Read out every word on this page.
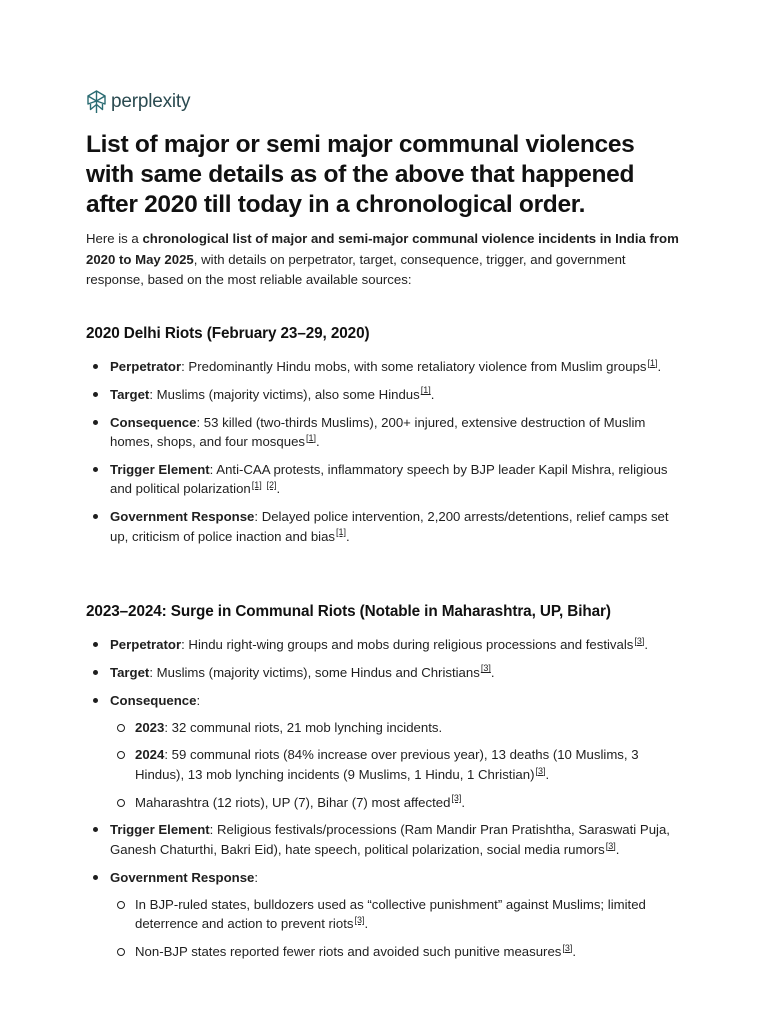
perplexity
List of major or semi major communal violences with same details as of the above that happened after 2020 till today in a chronological order.

Here is a chronological list of major and semi-major communal violence incidents in India from 2020 to May 2025, with details on perpetrator, target, consequence, trigger, and government response, based on the most reliable available sources:

2020 Delhi Riots (February 23–29, 2020)
Perpetrator: Predominantly Hindu mobs, with some retaliatory violence from Muslim groups[1].
Target: Muslims (majority victims), also some Hindus[1].
Consequence: 53 killed (two-thirds Muslims), 200+ injured, extensive destruction of Muslim homes, shops, and four mosques[1].
Trigger Element: Anti-CAA protests, inflammatory speech by BJP leader Kapil Mishra, religious and political polarization[1] [2].
Government Response: Delayed police intervention, 2,200 arrests/detentions, relief camps set up, criticism of police inaction and bias[1].
2023–2024: Surge in Communal Riots (Notable in Maharashtra, UP, Bihar)
Perpetrator: Hindu right-wing groups and mobs during religious processions and festivals[3].
Target: Muslims (majority victims), some Hindus and Christians[3].
Consequence:
2023: 32 communal riots, 21 mob lynching incidents.
2024: 59 communal riots (84% increase over previous year), 13 deaths (10 Muslims, 3 Hindus), 13 mob lynching incidents (9 Muslims, 1 Hindu, 1 Christian)[3].
Maharashtra (12 riots), UP (7), Bihar (7) most affected[3].
Trigger Element: Religious festivals/processions (Ram Mandir Pran Pratishtha, Saraswati Puja, Ganesh Chaturthi, Bakri Eid), hate speech, political polarization, social media rumors[3].
Government Response:
In BJP-ruled states, bulldozers used as “collective punishment” against Muslims; limited deterrence and action to prevent riots[3].
Non-BJP states reported fewer riots and avoided such punitive measures[3].
